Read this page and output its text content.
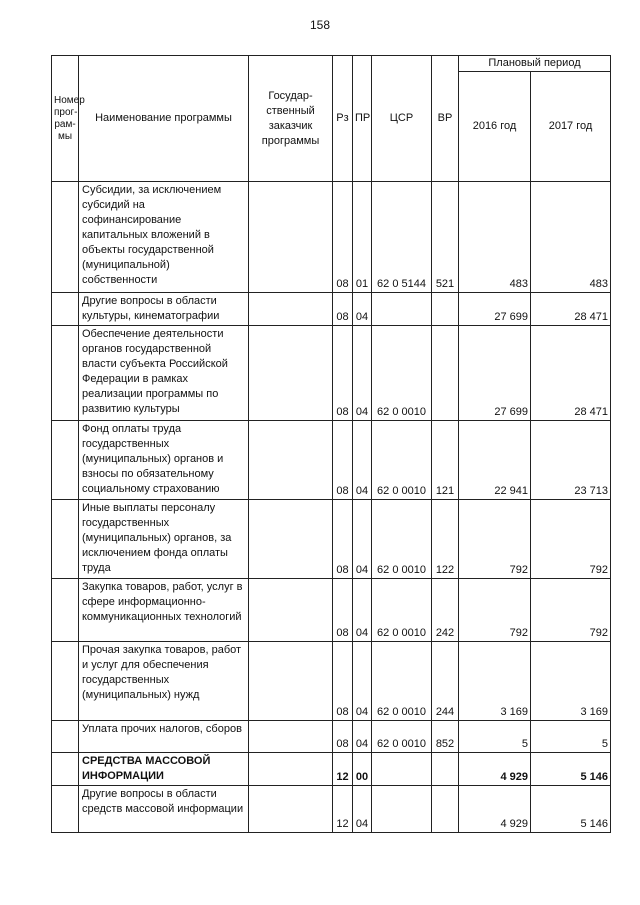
158
Номер прог- рам- мы	Наименование программы	Государ- ственный заказчик программы	Рз	ПР	ЦСР	ВР	Плановый период	
							2016 год	2017 год
	Субсидии, за исключением субсидий на софинансирование капитальных вложений в объекты государственной (муниципальной) собственности		08	01	62 0 5144	521	483	483
	Другие вопросы в области культуры, кинематографии		08	04			27 699	28 471
	Обеспечение деятельности органов государственной власти субъекта Российской Федерации в рамках реализации программы по развитию культуры		08	04	62 0 0010		27 699	28 471
	Фонд оплаты труда государственных (муниципальных) органов и взносы по обязательному социальному страхованию		08	04	62 0 0010	121	22 941	23 713
	Иные выплаты персоналу государственных (муниципальных) органов, за исключением фонда оплаты труда		08	04	62 0 0010	122	792	792
	Закупка товаров, работ, услуг в сфере информационно-коммуникационных технологий		08	04	62 0 0010	242	792	792
	Прочая закупка товаров, работ и услуг для обеспечения государственных (муниципальных) нужд		08	04	62 0 0010	244	3 169	3 169
	Уплата прочих налогов, сборов		08	04	62 0 0010	852	5	5
	СРЕДСТВА МАССОВОЙ ИНФОРМАЦИИ		12	00			4 929	5 146
	Другие вопросы в области средств массовой информации		12	04			4 929	5 146
